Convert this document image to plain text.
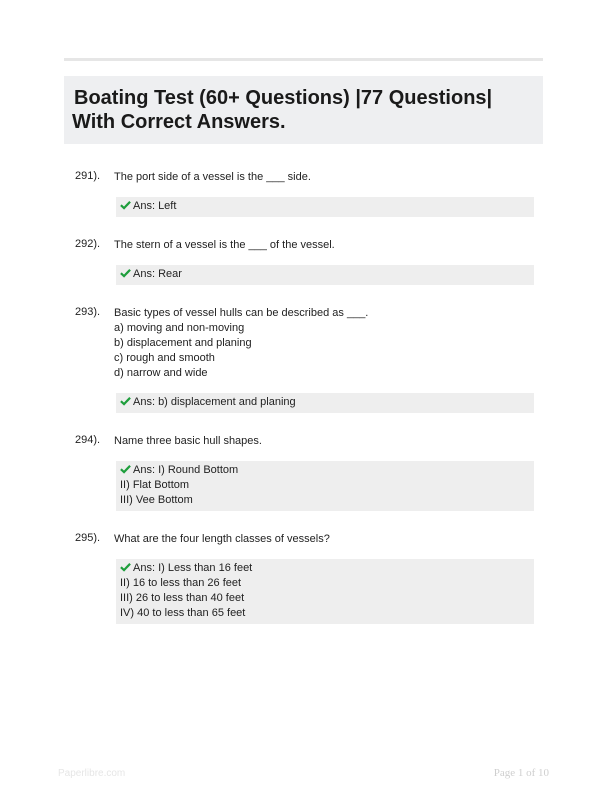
Boating Test (60+ Questions) |77 Questions|
With Correct Answers.
291). The port side of a vessel is the ___ side.
Ans: Left
292). The stern of a vessel is the ___ of the vessel.
Ans: Rear
293). Basic types of vessel hulls can be described as ___.
a) moving and non-moving
b) displacement and planing
c) rough and smooth
d) narrow and wide
Ans: b) displacement and planing
294). Name three basic hull shapes.
Ans: I) Round Bottom
II) Flat Bottom
III) Vee Bottom
295). What are the four length classes of vessels?
Ans: I) Less than 16 feet
II) 16 to less than 26 feet
III) 26 to less than 40 feet
IV) 40 to less than 65 feet
Paperlibre.com	Page 1 of 10
